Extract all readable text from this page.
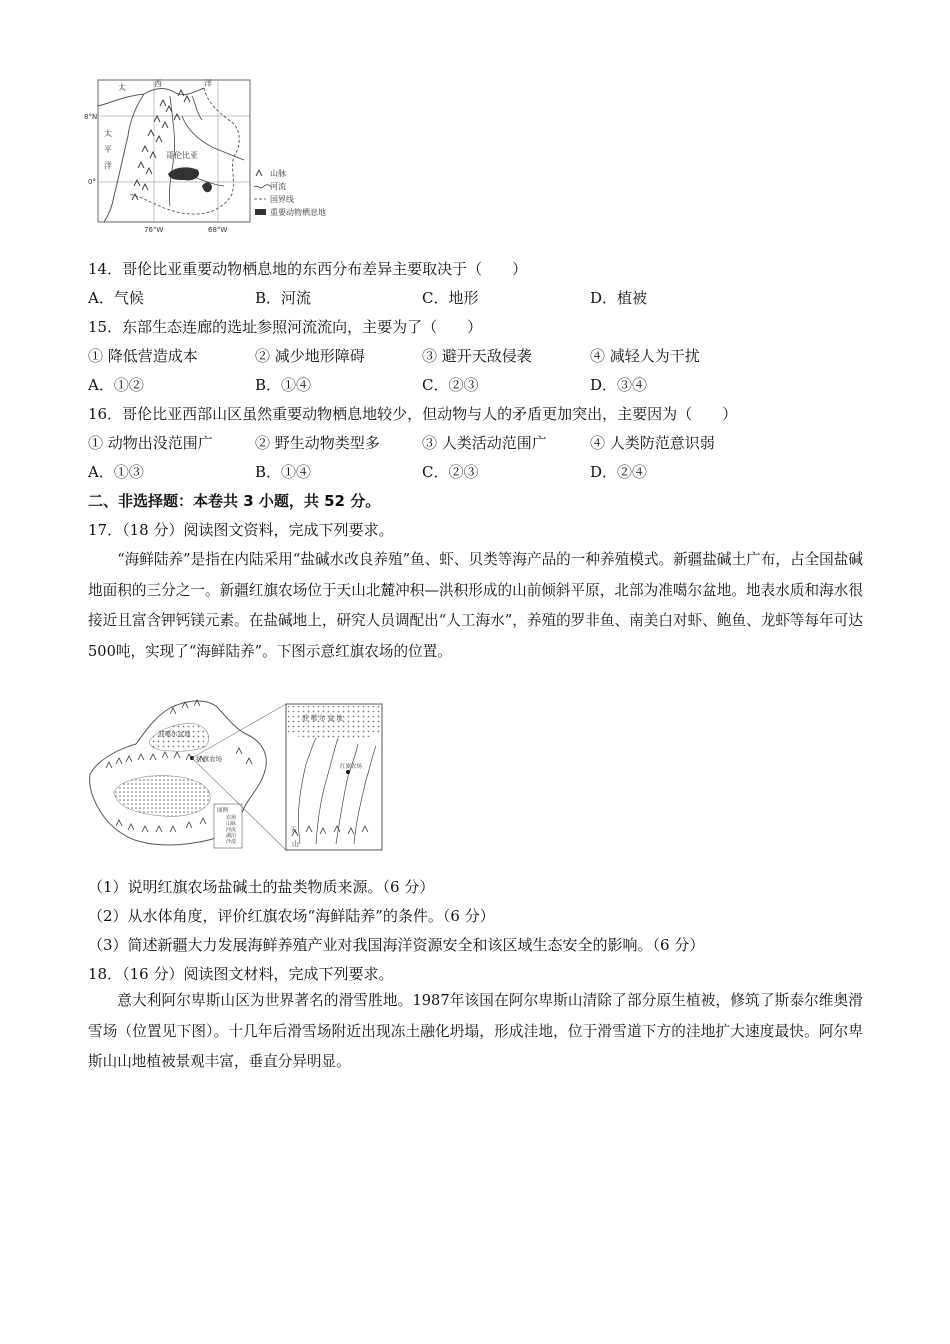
太	西	洋
太
平
洋
哥伦比亚
8°N
0°
76°W	68°W
山脉
河流
国界线
重要动物栖息地
14．哥伦比亚重要动物栖息地的东西分布差异主要取决于（　　）
A．气候	B．河流	C．地形	D．植被
15．东部生态连廊的选址参照河流流向，主要为了（　　）
① 降低营造成本	② 减少地形障碍	③ 避开天敌侵袭	④ 减轻人为干扰
A．①②	B．①④	C．②③	D．③④
16．哥伦比亚西部山区虽然重要动物栖息地较少，但动物与人的矛盾更加突出，主要因为（　　）
① 动物出没范围广	② 野生动物类型多	③ 人类活动范围广	④ 人类防范意识弱
A．①③	B．①④	C．②③	D．②④
二、非选择题：本卷共 3 小题，共 52 分。
17．（18 分）阅读图文资料，完成下列要求。
“海鲜陆养”是指在内陆采用“盐碱水改良养殖”鱼、虾、贝类等海产品的一种养殖模式。新疆盐碱土广布，占全国盐碱地面积的三分之一。新疆红旗农场位于天山北麓冲积—洪积形成的山前倾斜平原，北部为准噶尔盆地。地表水质和海水很接近且富含钾钙镁元素。在盐碱地上，研究人员调配出“人工海水”，养殖的罗非鱼、南美白对虾、鲍鱼、龙虾等每年可达500吨，实现了“海鲜陆养”。下图示意红旗农场的位置。
准噶尔盆地
红旗农场
图例
农场
山脉
河流
湖泊
沙漠
准 噶 尔 盆 地
红旗农场
天
山
（1）说明红旗农场盐碱土的盐类物质来源。（6 分）
（2）从水体角度，评价红旗农场“海鲜陆养”的条件。（6 分）
（3）简述新疆大力发展海鲜养殖产业对我国海洋资源安全和该区域生态安全的影响。（6 分）
18．（16 分）阅读图文材料，完成下列要求。
意大利阿尔卑斯山区为世界著名的滑雪胜地。1987年该国在阿尔卑斯山清除了部分原生植被，修筑了斯泰尔维奥滑雪场（位置见下图）。十几年后滑雪场附近出现冻土融化坍塌，形成洼地，位于滑雪道下方的洼地扩大速度最快。阿尔卑斯山山地植被景观丰富，垂直分异明显。
